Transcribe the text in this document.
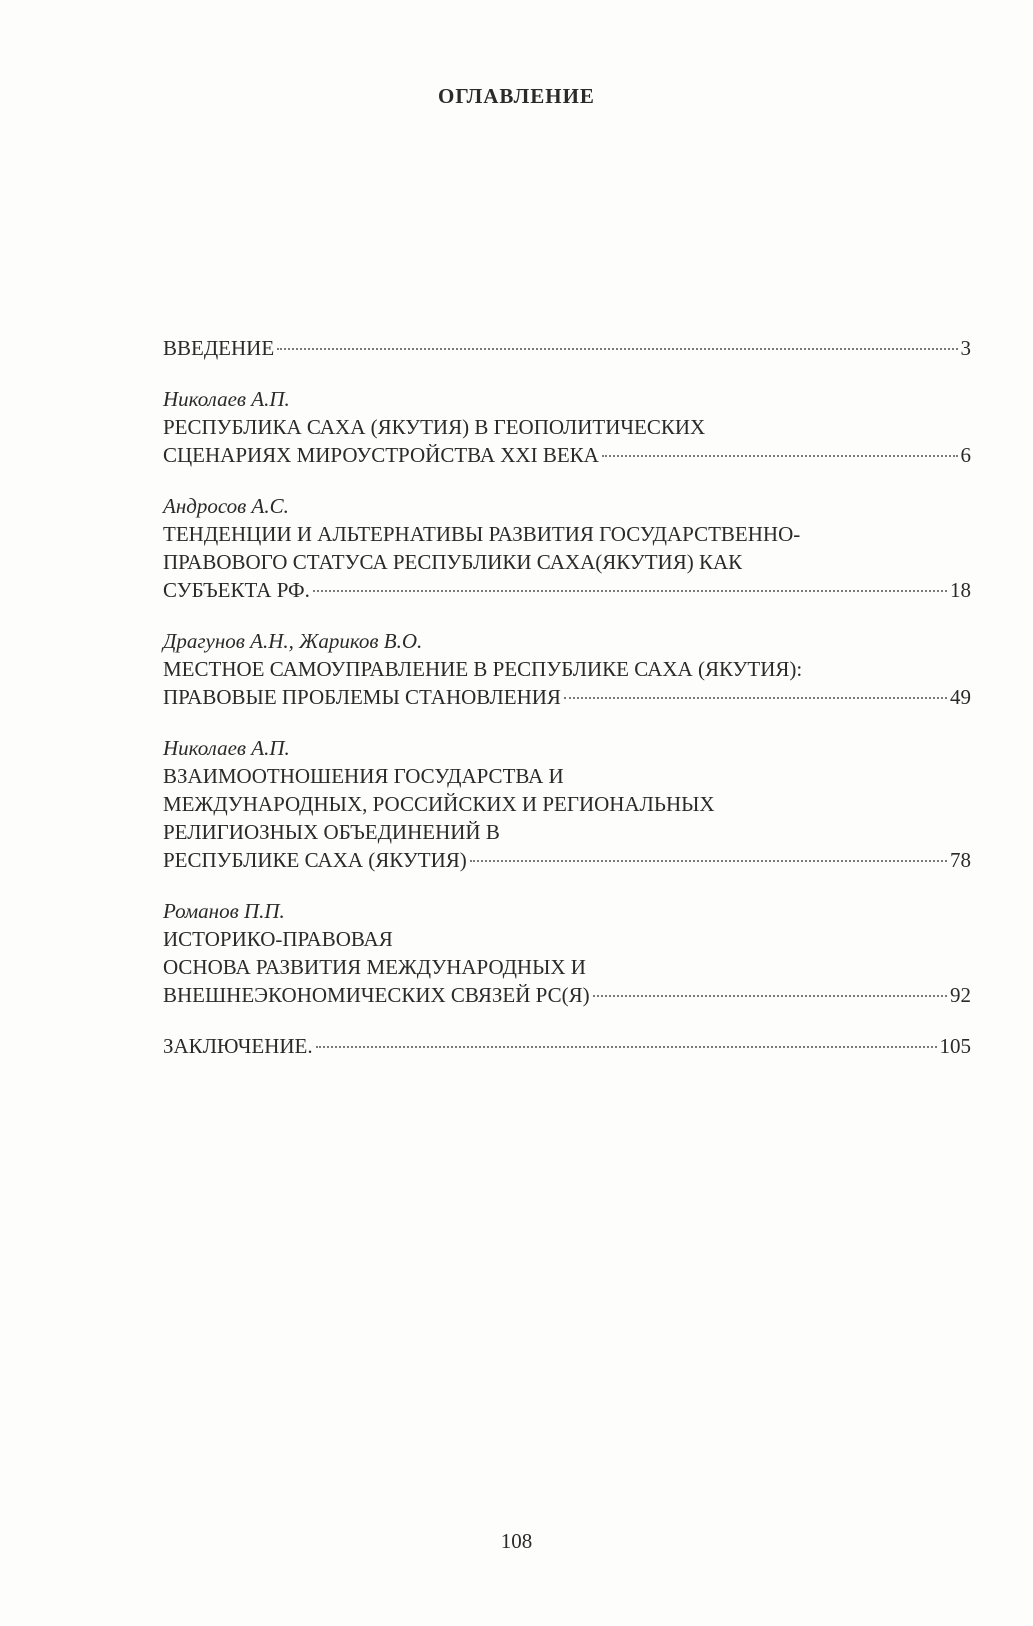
ОГЛАВЛЕНИЕ
ВВЕДЕНИЕ	3
Николаев А.П.
РЕСПУБЛИКА САХА (ЯКУТИЯ) В ГЕОПОЛИТИЧЕСКИХ
СЦЕНАРИЯХ МИРОУСТРОЙСТВА XXI ВЕКА	6
Андросов А.С.
ТЕНДЕНЦИИ И АЛЬТЕРНАТИВЫ РАЗВИТИЯ ГОСУДАРСТВЕННО-
ПРАВОВОГО СТАТУСА РЕСПУБЛИКИ САХА(ЯКУТИЯ) КАК
СУБЪЕКТА РФ.	18
Драгунов А.Н., Жариков В.О.
МЕСТНОЕ САМОУПРАВЛЕНИЕ В РЕСПУБЛИКЕ САХА (ЯКУТИЯ):
ПРАВОВЫЕ ПРОБЛЕМЫ СТАНОВЛЕНИЯ	49
Николаев А.П.
ВЗАИМООТНОШЕНИЯ ГОСУДАРСТВА И
МЕЖДУНАРОДНЫХ, РОССИЙСКИХ И РЕГИОНАЛЬНЫХ
РЕЛИГИОЗНЫХ ОБЪЕДИНЕНИЙ В
РЕСПУБЛИКЕ САХА (ЯКУТИЯ)	78
Романов П.П.
ИСТОРИКО-ПРАВОВАЯ
ОСНОВА РАЗВИТИЯ МЕЖДУНАРОДНЫХ И
ВНЕШНЕЭКОНОМИЧЕСКИХ СВЯЗЕЙ РС(Я)	92
ЗАКЛЮЧЕНИЕ.	105
108
